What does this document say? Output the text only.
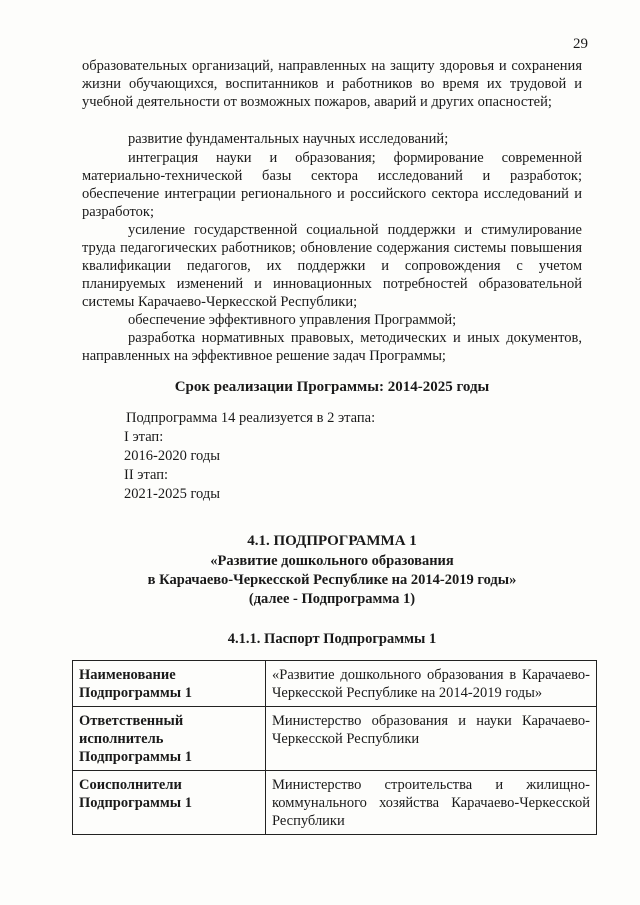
29

образовательных организаций, направленных на защиту здоровья и сохранения жизни обучающихся, воспитанников и работников во время их трудовой и учебной деятельности от возможных пожаров, аварий и других опасностей;

развитие фундаментальных научных исследований;

интеграция науки и образования; формирование современной материально-технической базы сектора исследований и разработок; обеспечение интеграции регионального и российского сектора исследований и разработок;

усиление государственной социальной поддержки и стимулирование труда педагогических работников; обновление содержания системы повышения квалификации педагогов, их поддержки и сопровождения с учетом планируемых изменений и инновационных потребностей образовательной системы Карачаево-Черкесской Республики;

обеспечение эффективного управления Программой;

разработка нормативных правовых, методических и иных документов, направленных на эффективное решение задач Программы;

Срок реализации Программы: 2014-2025 годы

Подпрограмма 14 реализуется в 2 этапа:

I этап:

2016-2020 годы

II этап:

2021-2025 годы

4.1. ПОДПРОГРАММА 1

«Развитие дошкольного образования

в Карачаево-Черкесской Республике на 2014-2019 годы»

(далее - Подпрограмма 1)

4.1.1. Паспорт Подпрограммы 1

Наименование Подпрограммы 1	«Развитие дошкольного образования в Карачаево-Черкесской Республике на 2014-2019 годы»
Ответственный исполнитель Подпрограммы 1	Министерство образования и науки Карачаево-Черкесской Республики
Соисполнители Подпрограммы 1	Министерство строительства и жилищно-коммунального хозяйства Карачаево-Черкесской Республики
